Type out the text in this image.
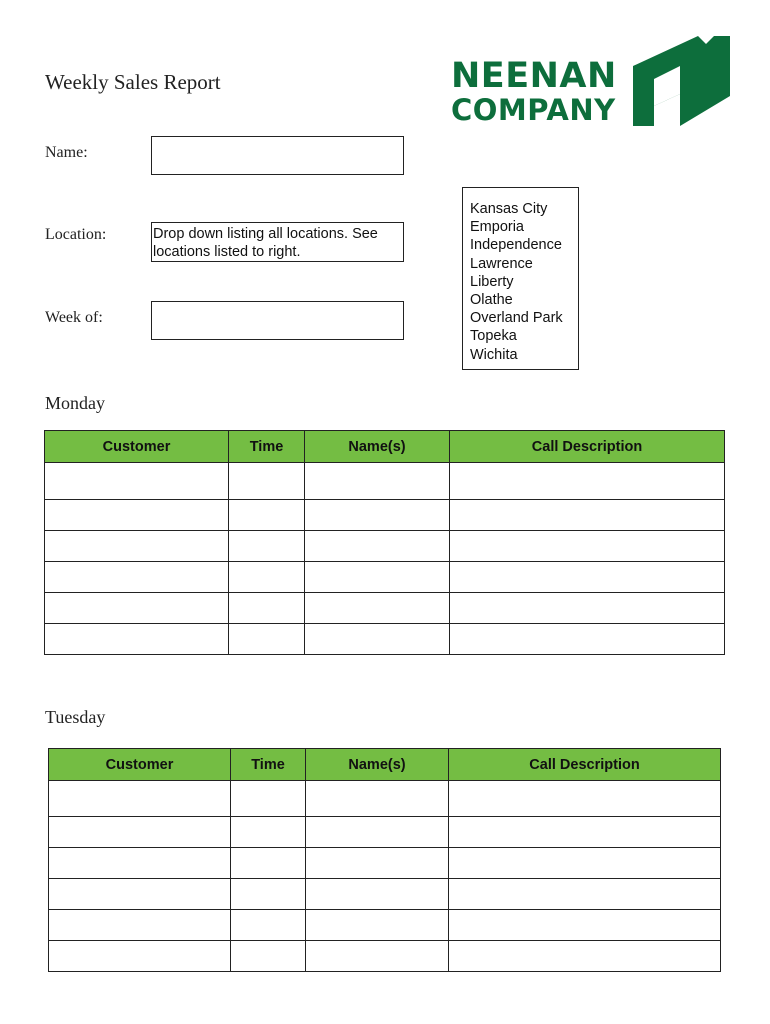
Weekly Sales Report	NEENAN
COMPANY
Name:
Location:	Drop down listing all locations. See locations listed to right.
Week of:
Kansas City
Emporia
Independence
Lawrence
Liberty
Olathe
Overland Park
Topeka
Wichita
Monday
Customer	Time	Name(s)	Call Description

Tuesday
Customer	Time	Name(s)	Call Description
